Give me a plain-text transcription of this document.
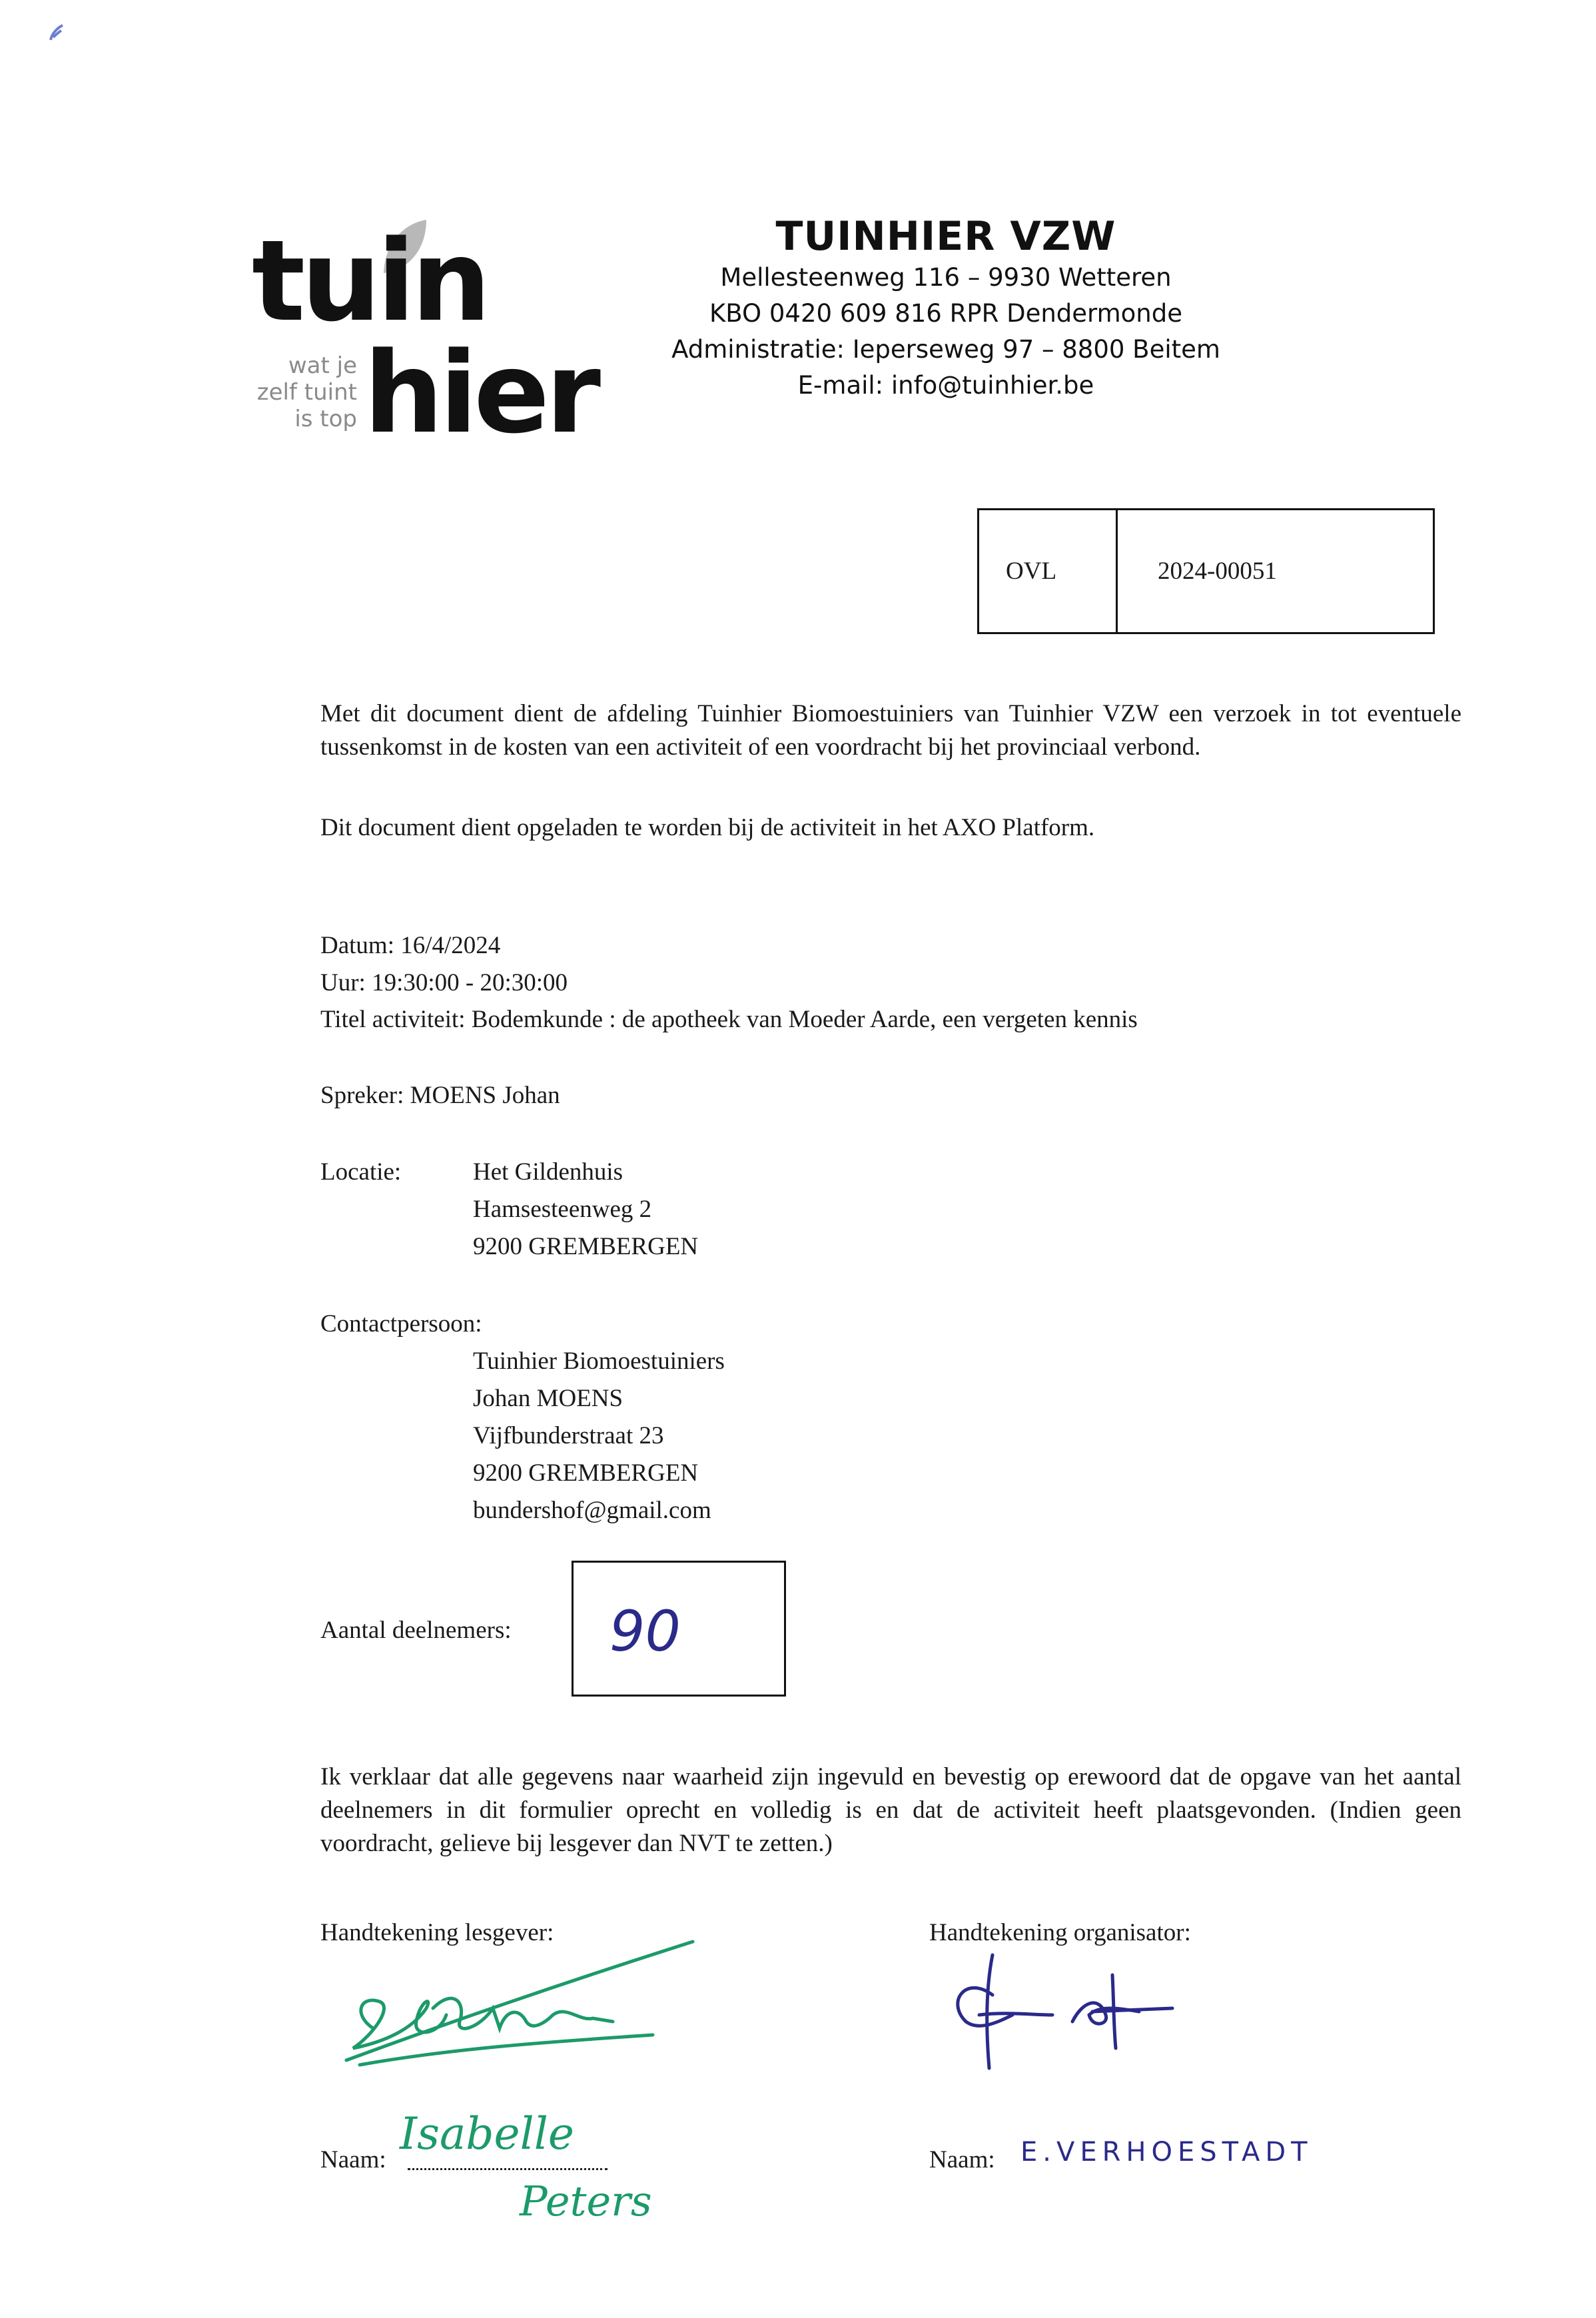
tuin
hier
wat je
zelf tuint
is top
TUINHIER VZW
Mellesteenweg 116 – 9930 Wetteren
KBO 0420 609 816 RPR Dendermonde
Administratie: Ieperseweg 97 – 8800 Beitem
E-mail: info@tuinhier.be
OVL	2024-00051
Met dit document dient de afdeling Tuinhier Biomoestuiniers van Tuinhier VZW een verzoek in tot eventuele tussenkomst in de kosten van een activiteit of een voordracht bij het provinciaal verbond.
Dit document dient opgeladen te worden bij de activiteit in het AXO Platform.
Datum: 16/4/2024
Uur: 19:30:00 - 20:30:00
Titel activiteit: Bodemkunde : de apotheek van Moeder Aarde, een vergeten kennis
Spreker: MOENS Johan
Locatie:	Het Gildenhuis
Hamsesteenweg 2
9200 GREMBERGEN
Contactpersoon:
Tuinhier Biomoestuiniers
Johan MOENS
Vijfbunderstraat 23
9200 GREMBERGEN
bundershof@gmail.com
Aantal deelnemers: 90
Ik verklaar dat alle gegevens naar waarheid zijn ingevuld en bevestig op erewoord dat de opgave van het aantal deelnemers in dit formulier oprecht en volledig is en dat de activiteit heeft plaatsgevonden. (Indien geen voordracht, gelieve bij lesgever dan NVT te zetten.)
Handtekening lesgever:	Handtekening organisator:
Naam:
Isabelle
Peters
Naam: E.VERHOESTADT
